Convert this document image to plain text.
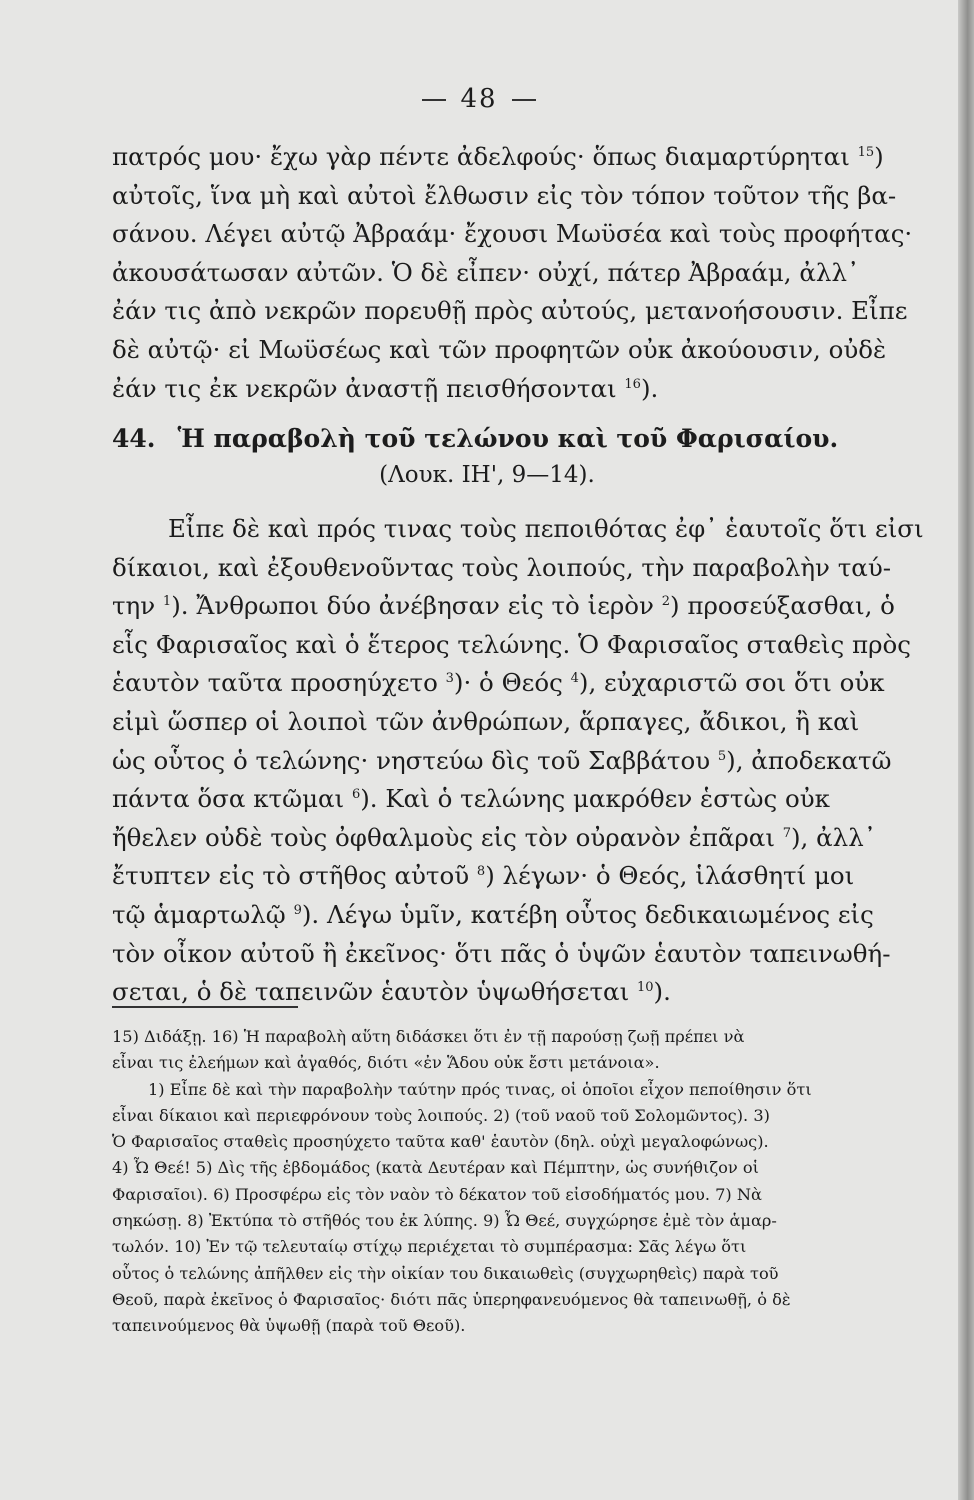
48
πατρός μου· ἔχω γὰρ πέντε ἀδελφούς· ὅπως διαμαρτύρηται $^{15}$)
αὐτοῖς, ἵνα μὴ καὶ αὐτοὶ ἔλθωσιν εἰς τὸν τόπον τοῦτον τῆς βα-
σάνου. Λέγει αὐτῷ Ἀβραάμ· ἔχουσι Μωϋσέα καὶ τοὺς προφήτας·
ἀκουσάτωσαν αὐτῶν. Ὁ δὲ εἶπεν· οὐχί, πάτερ Ἀβραάμ, ἀλλ᾽
ἐάν τις ἀπὸ νεκρῶν πορευθῇ πρὸς αὐτούς, μετανοήσουσιν. Εἶπε
δὲ αὐτῷ· εἰ Μωϋσέως καὶ τῶν προφητῶν οὐκ ἀκούουσιν, οὐδὲ
ἐάν τις ἐκ νεκρῶν ἀναστῇ πεισθήσονται $^{16}$).
44. Ἡ παραβολὴ τοῦ τελώνου καὶ τοῦ Φαρισαίου.
(Λουκ. ΙΗ', 9—14).
Εἶπε δὲ καὶ πρός τινας τοὺς πεποιθότας ἐφ᾽ ἑαυτοῖς ὅτι εἰσι
δίκαιοι, καὶ ἐξουθενοῦντας τοὺς λοιπούς, τὴν παραβολὴν ταύ-
την $^1$). Ἄνθρωποι δύο ἀνέβησαν εἰς τὸ ἱερὸν $^2$) προσεύξασθαι, ὁ
εἷς Φαρισαῖος καὶ ὁ ἕτερος τελώνης. Ὁ Φαρισαῖος σταθεὶς πρὸς
ἑαυτὸν ταῦτα προσηύχετο $^3$)· ὁ Θεός $^4$), εὐχαριστῶ σοι ὅτι οὐκ
εἰμὶ ὥσπερ οἱ λοιποὶ τῶν ἀνθρώπων, ἅρπαγες, ἄδικοι, ἢ καὶ
ὡς οὗτος ὁ τελώνης· νηστεύω δὶς τοῦ Σαββάτου $^5$), ἀποδεκατῶ
πάντα ὅσα κτῶμαι $^6$). Καὶ ὁ τελώνης μακρόθεν ἑστὼς οὐκ
ἤθελεν οὐδὲ τοὺς ὀφθαλμοὺς εἰς τὸν οὐρανὸν ἐπᾶραι $^7$), ἀλλ᾽
ἔτυπτεν εἰς τὸ στῆθος αὐτοῦ $^8$) λέγων· ὁ Θεός, ἱλάσθητί μοι
τῷ ἁμαρτωλῷ $^9$). Λέγω ὑμῖν, κατέβη οὗτος δεδικαιωμένος εἰς
τὸν οἶκον αὐτοῦ ἢ ἐκεῖνος· ὅτι πᾶς ὁ ὑψῶν ἑαυτὸν ταπεινωθή-
σεται, ὁ δὲ ταπεινῶν ἑαυτὸν ὑψωθήσεται $^{10}$).
15) Διδάξῃ. 16) Ἡ παραβολὴ αὕτη διδάσκει ὅτι ἐν τῇ παρούσῃ ζωῇ πρέπει νὰ
εἶναι τις ἐλεήμων καὶ ἀγαθός, διότι «ἐν Ἅδου οὐκ ἔστι μετάνοια».
1) Εἶπε δὲ καὶ τὴν παραβολὴν ταύτην πρός τινας, οἱ ὁποῖοι εἶχον πεποίθησιν ὅτι
εἶναι δίκαιοι καὶ περιεφρόνουν τοὺς λοιπούς. 2) (τοῦ ναοῦ τοῦ Σολομῶντος). 3)
Ὁ Φαρισαῖος σταθεὶς προσηύχετο ταῦτα καθ' ἑαυτὸν (δηλ. οὐχὶ μεγαλοφώνως).
4) Ὦ Θεέ! 5) Δὶς τῆς ἑβδομάδος (κατὰ Δευτέραν καὶ Πέμπτην, ὡς συνήθιζον οἱ
Φαρισαῖοι). 6) Προσφέρω εἰς τὸν ναὸν τὸ δέκατον τοῦ εἰσοδήματός μου. 7) Νὰ
σηκώσῃ. 8) Ἐκτύπα τὸ στῆθός του ἐκ λύπης. 9) Ὦ Θεέ, συγχώρησε ἐμὲ τὸν ἁμαρ-
τωλόν. 10) Ἐν τῷ τελευταίῳ στίχῳ περιέχεται τὸ συμπέρασμα: Σᾶς λέγω ὅτι
οὗτος ὁ τελώνης ἀπῆλθεν εἰς τὴν οἰκίαν του δικαιωθεὶς (συγχωρηθεὶς) παρὰ τοῦ
Θεοῦ, παρὰ ἐκεῖνος ὁ Φαρισαῖος· διότι πᾶς ὑπερηφανευόμενος θὰ ταπεινωθῇ, ὁ δὲ
ταπεινούμενος θὰ ὑψωθῇ (παρὰ τοῦ Θεοῦ).
